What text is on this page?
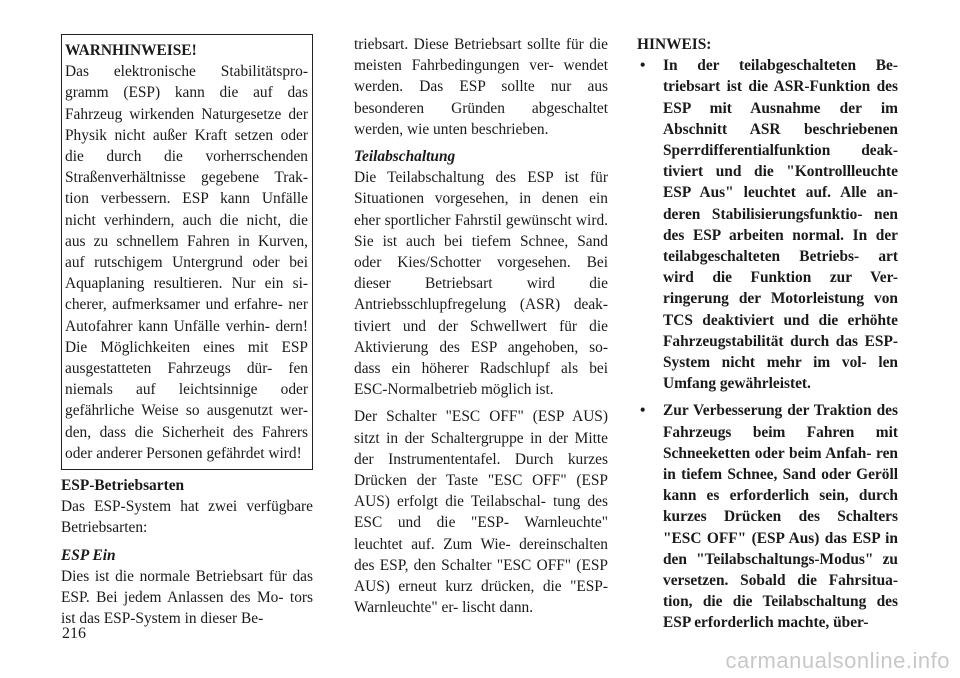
WARNHINWEISE!

Das elektronische Stabilitätspro- gramm (ESP) kann die auf das Fahrzeug wirkenden Naturgesetze der Physik nicht außer Kraft setzen oder die durch die vorherrschenden Straßenverhältnisse gegebene Trak- tion verbessern. ESP kann Unfälle nicht verhindern, auch die nicht, die aus zu schnellem Fahren in Kurven, auf rutschigem Untergrund oder bei Aquaplaning resultieren. Nur ein si- cherer, aufmerksamer und erfahre- ner Autofahrer kann Unfälle verhin- dern! Die Möglichkeiten eines mit ESP ausgestatteten Fahrzeugs dür- fen niemals auf leichtsinnige oder gefährliche Weise so ausgenutzt wer- den, dass die Sicherheit des Fahrers oder anderer Personen gefährdet wird!

ESP-Betriebsarten

Das ESP-System hat zwei verfügbare Betriebsarten:

ESP Ein

Dies ist die normale Betriebsart für das ESP. Bei jedem Anlassen des Mo- tors ist das ESP-System in dieser Be-

triebsart. Diese Betriebsart sollte für die meisten Fahrbedingungen ver- wendet werden. Das ESP sollte nur aus besonderen Gründen abgeschaltet werden, wie unten beschrieben.

Teilabschaltung

Die Teilabschaltung des ESP ist für Situationen vorgesehen, in denen ein eher sportlicher Fahrstil gewünscht wird. Sie ist auch bei tiefem Schnee, Sand oder Kies/Schotter vorgesehen. Bei dieser Betriebsart wird die Antriebsschlupfregelung (ASR) deak- tiviert und der Schwellwert für die Aktivierung des ESP angehoben, so- dass ein höherer Radschlupf als bei ESC-Normalbetrieb möglich ist.

Der Schalter "ESC OFF" (ESP AUS) sitzt in der Schaltergruppe in der Mitte der Instrumententafel. Durch kurzes Drücken der Taste "ESC OFF" (ESP AUS) erfolgt die Teilabschal- tung des ESC und die "ESP- Warnleuchte" leuchtet auf. Zum Wie- dereinschalten des ESP, den Schalter "ESC OFF" (ESP AUS) erneut kurz drücken, die "ESP-Warnleuchte" er- lischt dann.

HINWEIS:
• In der teilabgeschalteten Be- triebsart ist die ASR-Funktion des ESP mit Ausnahme der im Abschnitt ASR beschriebenen Sperrdifferentialfunktion deak- tiviert und die "Kontrollleuchte ESP Aus" leuchtet auf. Alle an- deren Stabilisierungsfunktio- nen des ESP arbeiten normal. In der teilabgeschalteten Betriebs- art wird die Funktion zur Ver- ringerung der Motorleistung von TCS deaktiviert und die erhöhte Fahrzeugstabilität durch das ESP-System nicht mehr im vol- len Umfang gewährleistet.
• Zur Verbesserung der Traktion des Fahrzeugs beim Fahren mit Schneeketten oder beim Anfah- ren in tiefem Schnee, Sand oder Geröll kann es erforderlich sein, durch kurzes Drücken des Schalters "ESC OFF" (ESP Aus) das ESP in den "Teilabschaltungs-Modus" zu versetzen. Sobald die Fahrsitua- tion, die die Teilabschaltung des ESP erforderlich machte, über-
216
carmanualsonline.info
